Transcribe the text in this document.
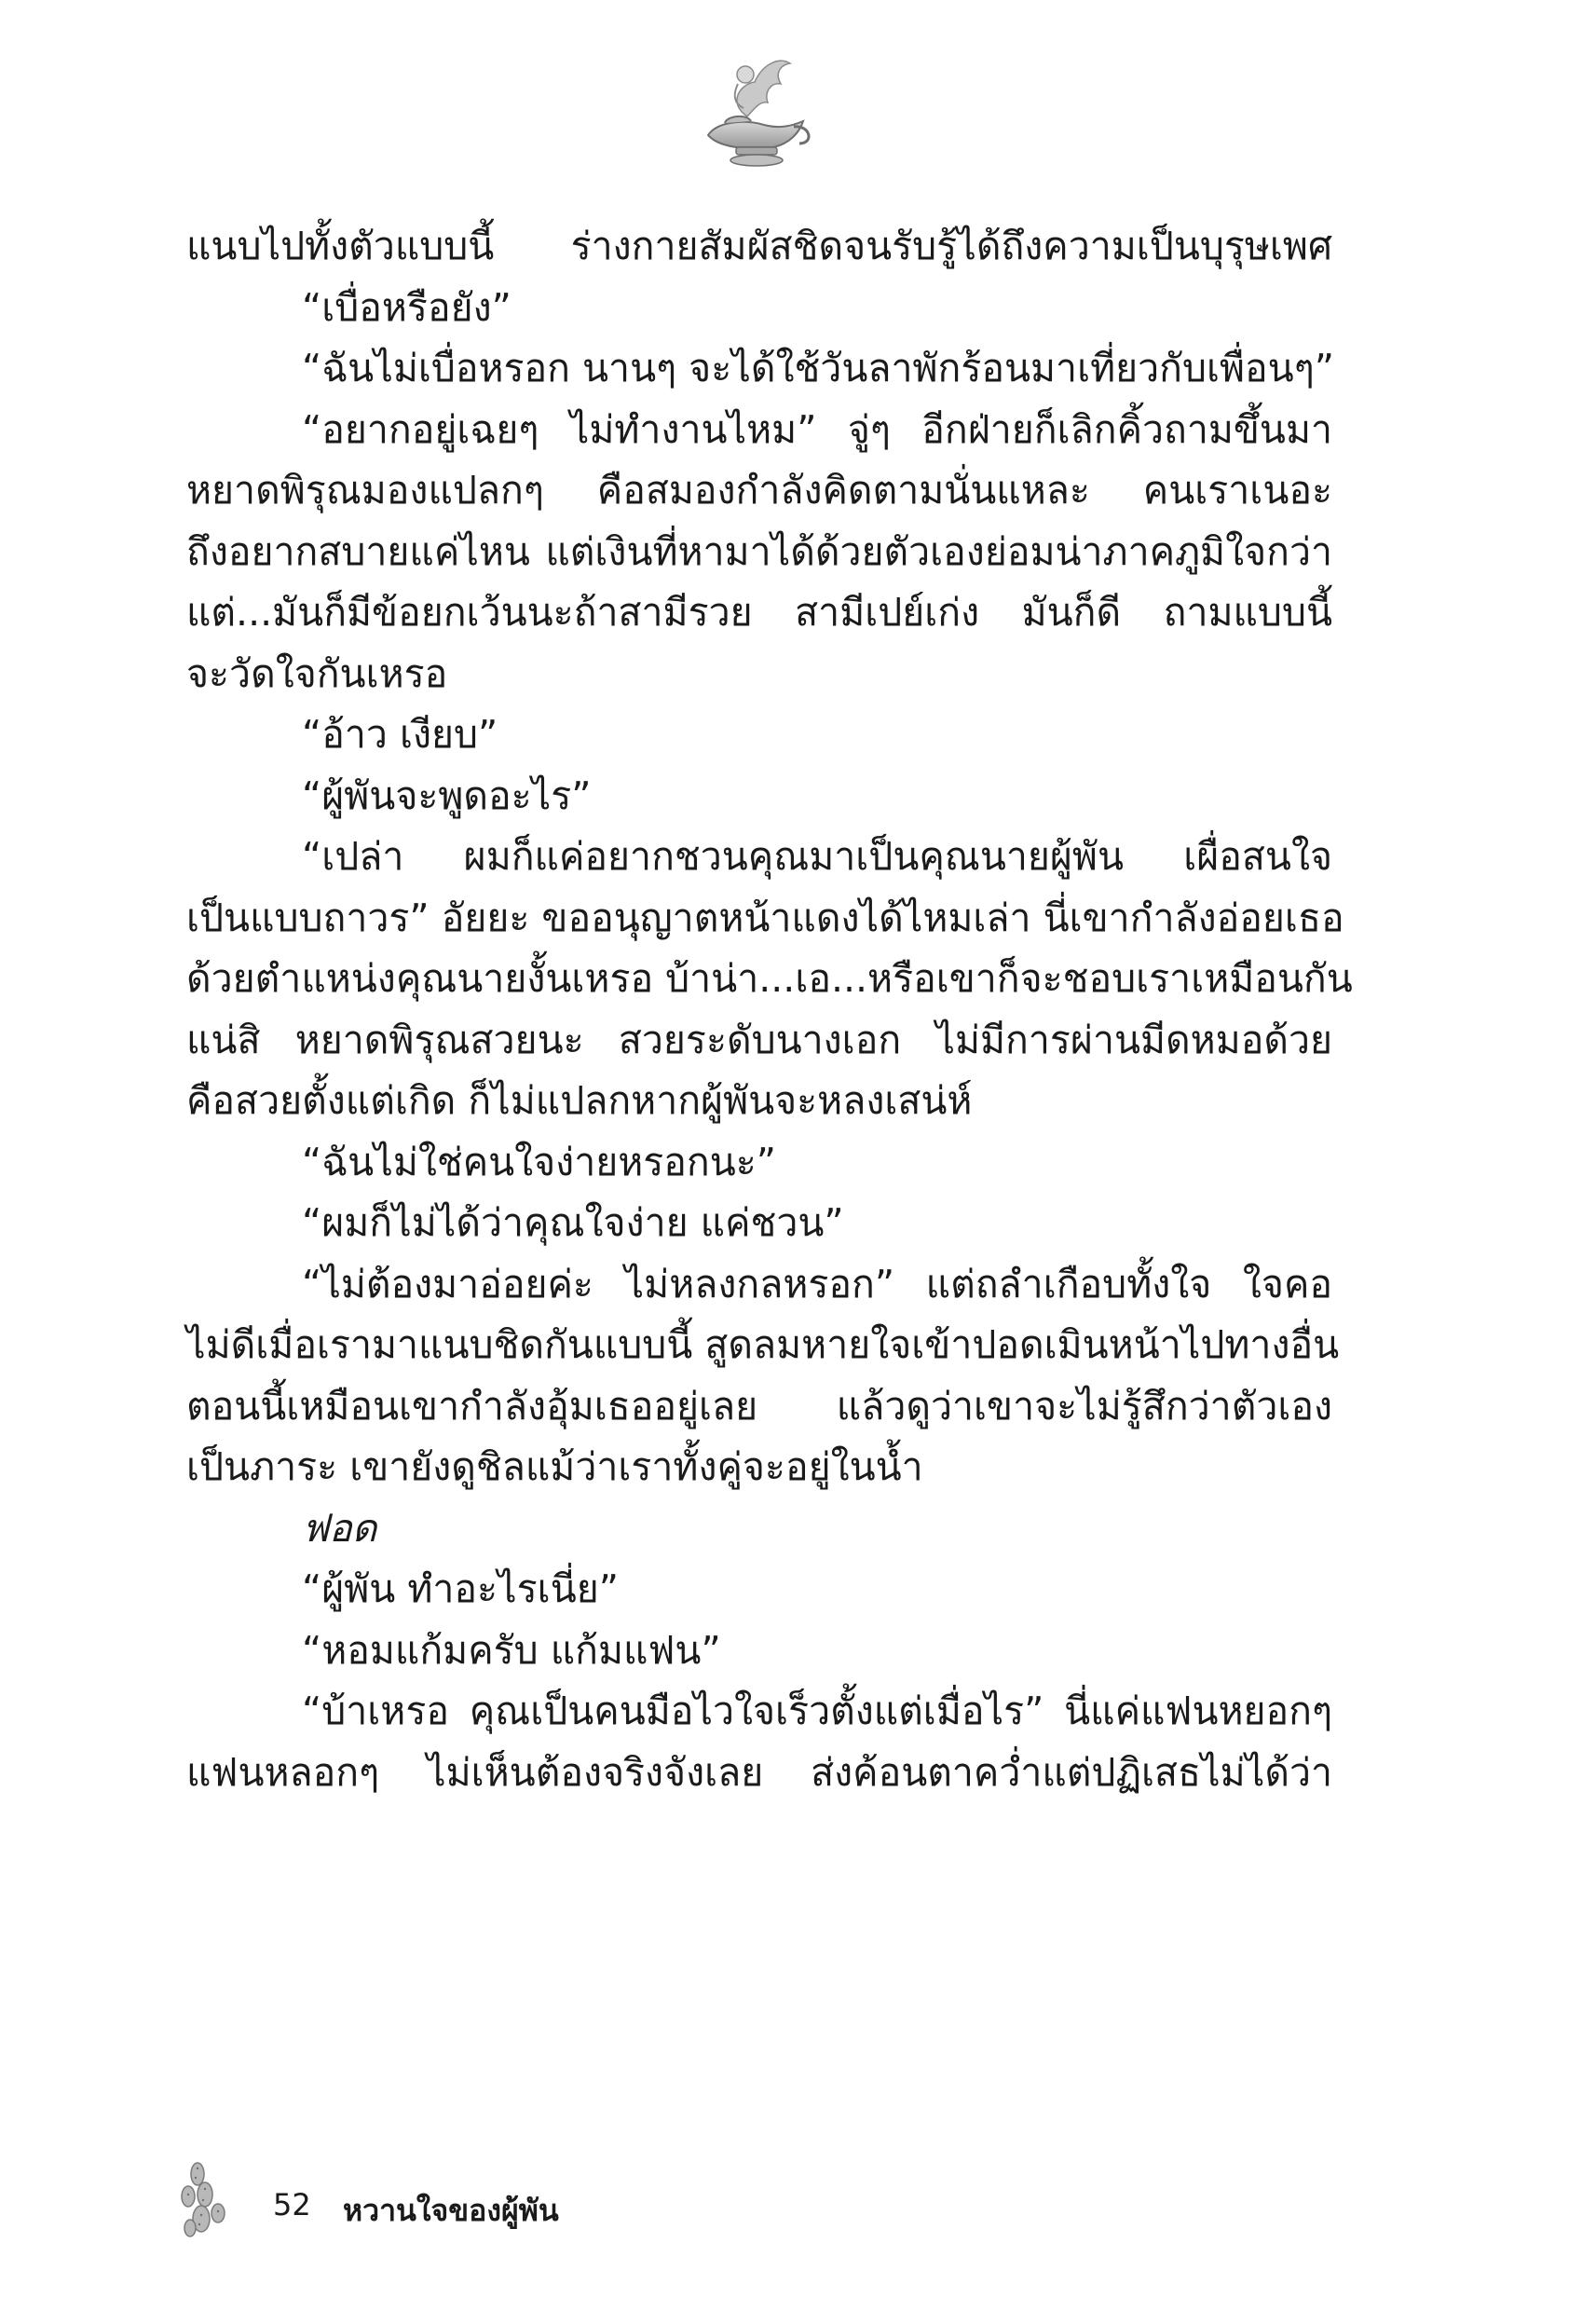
แนบไปทั้งตัวแบบนี้ ร่างกายสัมผัสชิดจนรับรู้ได้ถึงความเป็นบุรุษเพศ
“เบื่อหรือยัง”
“ฉันไม่เบื่อหรอก นานๆ จะได้ใช้วันลาพักร้อนมาเที่ยวกับเพื่อนๆ”
“อยากอยู่เฉยๆ ไม่ทำงานไหม” จู่ๆ อีกฝ่ายก็เลิกคิ้วถามขึ้นมา
หยาดพิรุณมองแปลกๆ คือสมองกำลังคิดตามนั่นแหละ คนเราเนอะ
ถึงอยากสบายแค่ไหน แต่เงินที่หามาได้ด้วยตัวเองย่อมน่าภาคภูมิใจกว่า
แต่...มันก็มีข้อยกเว้นนะถ้าสามีรวย สามีเปย์เก่ง มันก็ดี ถามแบบนี้
จะวัดใจกันเหรอ
“อ้าว เงียบ”
“ผู้พันจะพูดอะไร”
“เปล่า ผมก็แค่อยากชวนคุณมาเป็นคุณนายผู้พัน เผื่อสนใจ
เป็นแบบถาวร” อัยยะ ขออนุญาตหน้าแดงได้ไหมเล่า นี่เขากำลังอ่อยเธอ
ด้วยตำแหน่งคุณนายงั้นเหรอ บ้าน่า...เอ...หรือเขาก็จะชอบเราเหมือนกัน
แน่สิ หยาดพิรุณสวยนะ สวยระดับนางเอก ไม่มีการผ่านมีดหมอด้วย
คือสวยตั้งแต่เกิด ก็ไม่แปลกหากผู้พันจะหลงเสน่ห์
“ฉันไม่ใช่คนใจง่ายหรอกนะ”
“ผมก็ไม่ได้ว่าคุณใจง่าย แค่ชวน”
“ไม่ต้องมาอ่อยค่ะ ไม่หลงกลหรอก” แต่ถลำเกือบทั้งใจ ใจคอ
ไม่ดีเมื่อเรามาแนบชิดกันแบบนี้ สูดลมหายใจเข้าปอดเมินหน้าไปทางอื่น
ตอนนี้เหมือนเขากำลังอุ้มเธออยู่เลย แล้วดูว่าเขาจะไม่รู้สึกว่าตัวเอง
เป็นภาระ เขายังดูชิลแม้ว่าเราทั้งคู่จะอยู่ในน้ำ
ฟอด
“ผู้พัน ทำอะไรเนี่ย”
“หอมแก้มครับ แก้มแฟน”
“บ้าเหรอ คุณเป็นคนมือไวใจเร็วตั้งแต่เมื่อไร” นี่แค่แฟนหยอกๆ
แฟนหลอกๆ ไม่เห็นต้องจริงจังเลย ส่งค้อนตาคว่ำแต่ปฏิเสธไม่ได้ว่า
52 หวานใจของผู้พัน
